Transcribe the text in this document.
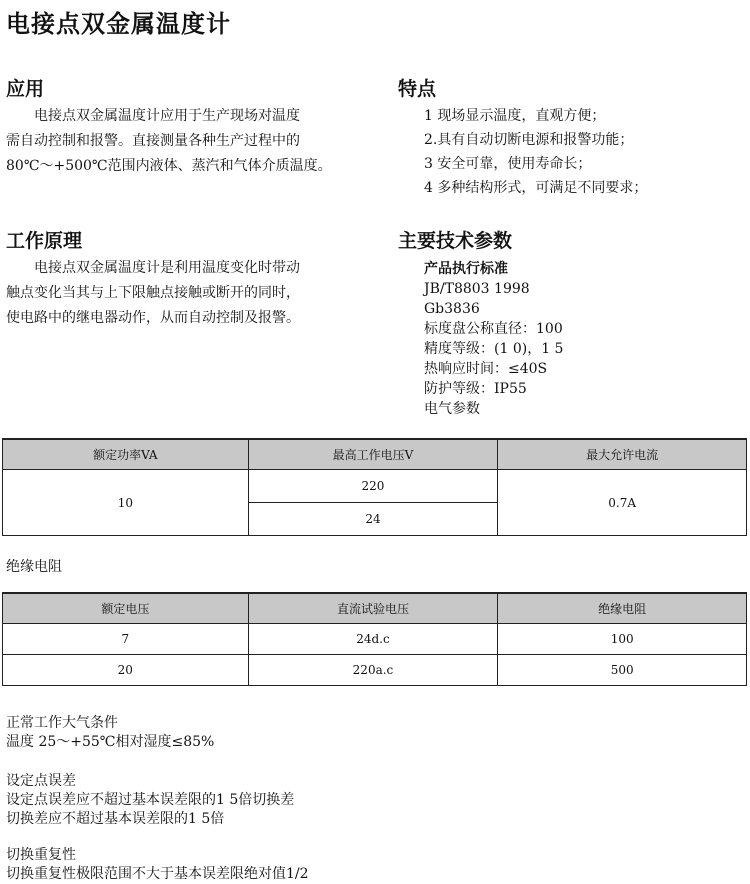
电接点双金属温度计
应用

　　电接点双金属温度计应用于生产现场对温度

需自动控制和报警。直接测量各种生产过程中的

80℃～+500℃范围内液体、蒸汽和气体介质温度。

特点
1 现场显示温度，直观方便；
2.具有自动切断电源和报警功能；
3 安全可靠，使用寿命长；
4 多种结构形式，可满足不同要求；
工作原理

　　电接点双金属温度计是利用温度变化时带动

触点变化当其与上下限触点接触或断开的同时，

使电路中的继电器动作，从而自动控制及报警。

主要技术参数
产品执行标准
JB/T8803 1998
Gb3836
标度盘公称直径：100
精度等级：(1 0)，1 5
热响应时间：≤40S
防护等级：IP55
电气参数
额定功率VA	最高工作电压V	最大允许电流
10	220	0.7A
	24	
绝缘电阻
额定电压	直流试验电压	绝缘电阻
7	24d.c	100
20	220a.c	500
正常工作大气条件
温度 25～+55℃相对湿度≤85%
设定点误差
设定点误差应不超过基本误差限的1 5倍切换差
切换差应不超过基本误差限的1 5倍
切换重复性
切换重复性极限范围不大于基本误差限绝对值1/2
